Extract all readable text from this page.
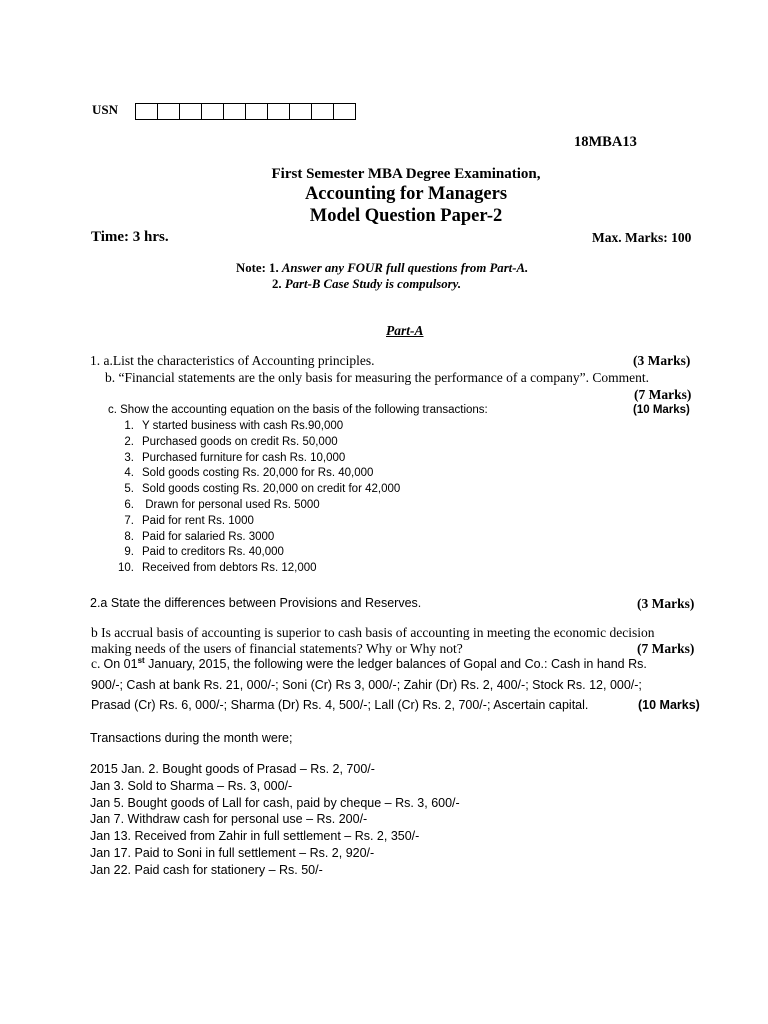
USN
18MBA13
First Semester MBA Degree Examination,
Accounting for Managers
Model Question Paper-2
Time: 3 hrs.	Max. Marks: 100
Note: 1. Answer any FOUR full questions from Part-A.
2. Part-B Case Study is compulsory.
Part-A
1. a.List the characteristics of Accounting principles.	(3 Marks)
b. “Financial statements are the only basis for measuring the performance of a company”. Comment.
(7 Marks)
c. Show the accounting equation on the basis of the following transactions:	(10 Marks)
1. Y started business with cash Rs.90,000
2. Purchased goods on credit Rs. 50,000
3. Purchased furniture for cash Rs. 10,000
4. Sold goods costing Rs. 20,000 for Rs. 40,000
5. Sold goods costing Rs. 20,000 on credit for 42,000
6. Drawn for personal used Rs. 5000
7. Paid for rent Rs. 1000
8. Paid for salaried Rs. 3000
9. Paid to creditors Rs. 40,000
10. Received from debtors Rs. 12,000
2.a State the differences between Provisions and Reserves.	(3 Marks)
b Is accrual basis of accounting is superior to cash basis of accounting in meeting the economic decision
making needs of the users of financial statements? Why or Why not?	(7 Marks)
c. On 01st January, 2015, the following were the ledger balances of Gopal and Co.: Cash in hand Rs.
900/-; Cash at bank Rs. 21, 000/-; Soni (Cr) Rs 3, 000/-; Zahir (Dr) Rs. 2, 400/-; Stock Rs. 12, 000/-;
Prasad (Cr) Rs. 6, 000/-; Sharma (Dr) Rs. 4, 500/-; Lall (Cr) Rs. 2, 700/-; Ascertain capital.	(10 Marks)
Transactions during the month were;
2015 Jan. 2. Bought goods of Prasad – Rs. 2, 700/-
Jan 3. Sold to Sharma – Rs. 3, 000/-
Jan 5. Bought goods of Lall for cash, paid by cheque – Rs. 3, 600/-
Jan 7. Withdraw cash for personal use – Rs. 200/-
Jan 13. Received from Zahir in full settlement – Rs. 2, 350/-
Jan 17. Paid to Soni in full settlement – Rs. 2, 920/-
Jan 22. Paid cash for stationery – Rs. 50/-
